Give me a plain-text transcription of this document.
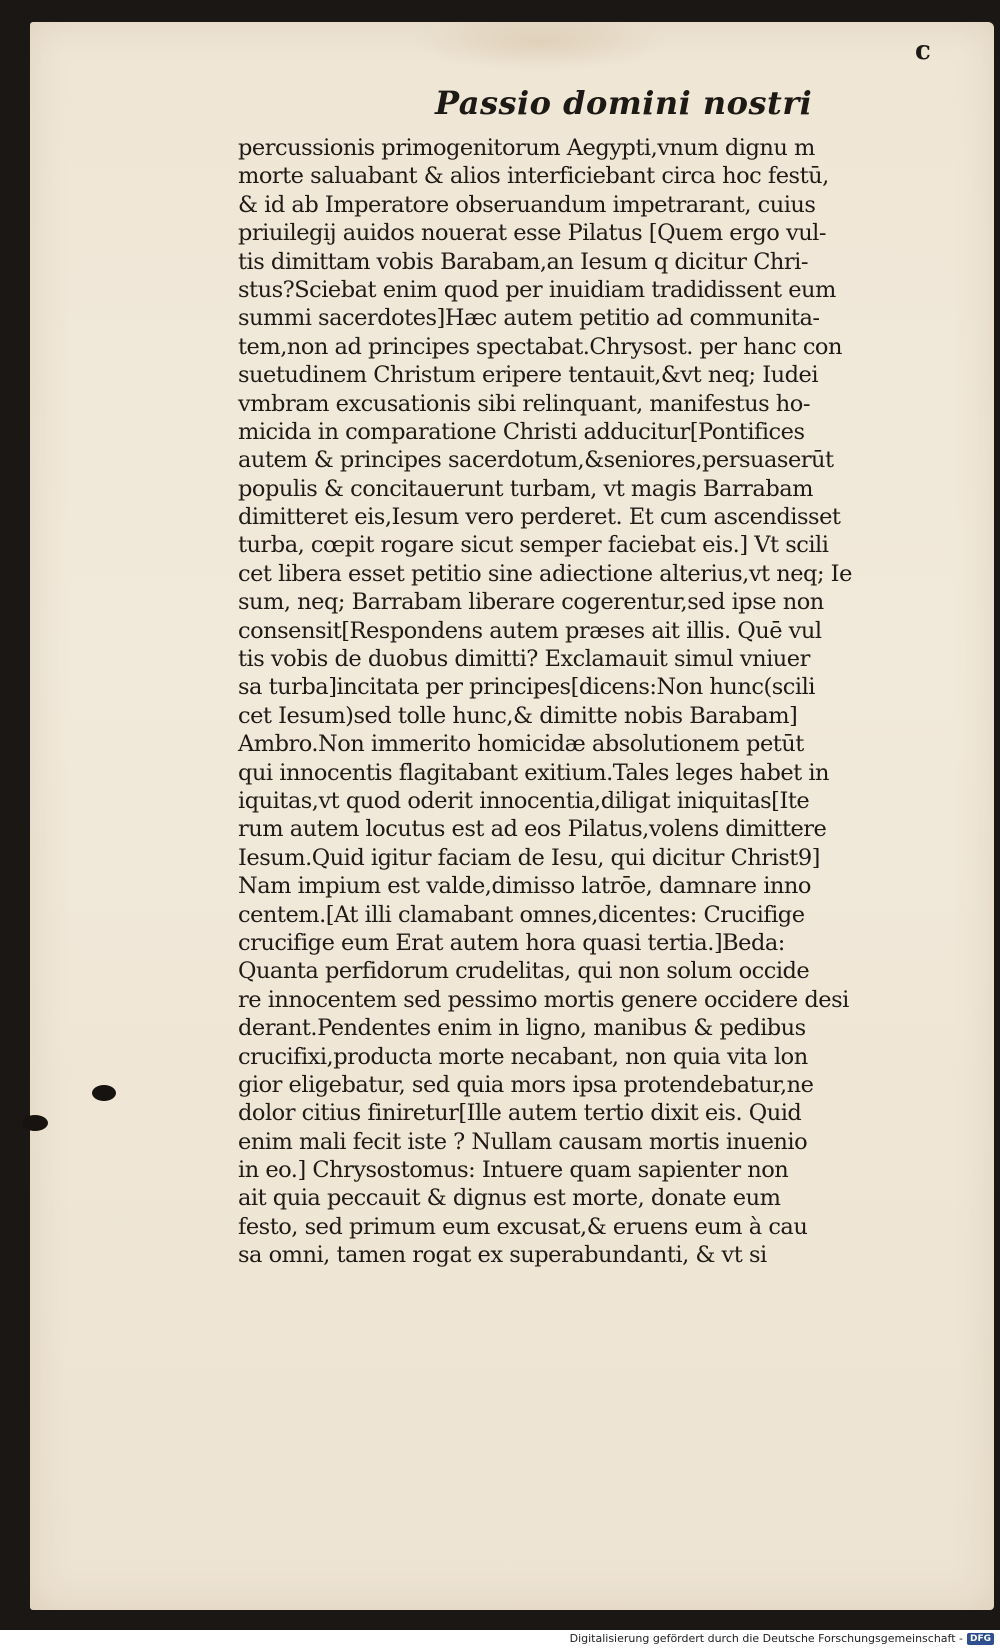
c
Passio domini nostri
percussionis primogenitorum Aegypti,vnum dignu m
morte saluabant & alios interficiebant circa hoc festū,
& id ab Imperatore obseruandum impetrarant, cuius
priuilegij auidos nouerat esse Pilatus [Quem ergo vul-
tis dimittam vobis Barabam,an Iesum q dicitur Chri-
stus?Sciebat enim quod per inuidiam tradidissent eum
summi sacerdotes]Hæc autem petitio ad communita-
tem,non ad principes spectabat.Chrysost. per hanc con
suetudinem Christum eripere tentauit,&vt neq; Iudei
vmbram excusationis sibi relinquant, manifestus ho-
micida in comparatione Christi adducitur[Pontifices
autem & principes sacerdotum,&seniores,persuaserūt
populis & concitauerunt turbam, vt magis Barrabam
dimitteret eis,Iesum vero perderet. Et cum ascendisset
turba, cœpit rogare sicut semper faciebat eis.] Vt scili
cet libera esset petitio sine adiectione alterius,vt neq; Ie
sum, neq; Barrabam liberare cogerentur,sed ipse non
consensit[Respondens autem præses ait illis. Quē vul
tis vobis de duobus dimitti? Exclamauit simul vniuer
sa turba]incitata per principes[dicens:Non hunc(scili
cet Iesum)sed tolle hunc,& dimitte nobis Barabam]
Ambro.Non immerito homicidæ absolutionem petūt
qui innocentis flagitabant exitium.Tales leges habet in
iquitas,vt quod oderit innocentia,diligat iniquitas[Ite
rum autem locutus est ad eos Pilatus,volens dimittere
Iesum.Quid igitur faciam de Iesu, qui dicitur Christ9]
Nam impium est valde,dimisso latrōe, damnare inno
centem.[At illi clamabant omnes,dicentes: Crucifige
crucifige eum Erat autem hora quasi tertia.]Beda:
Quanta perfidorum crudelitas, qui non solum occide
re innocentem sed pessimo mortis genere occidere desi
derant.Pendentes enim in ligno, manibus & pedibus
crucifixi,producta morte necabant, non quia vita lon
gior eligebatur, sed quia mors ipsa protendebatur,ne
dolor citius finiretur[Ille autem tertio dixit eis. Quid
enim mali fecit iste ? Nullam causam mortis inuenio
in eo.] Chrysostomus: Intuere quam sapienter non
ait quia peccauit & dignus est morte, donate eum
festo, sed primum eum excusat,& eruens eum à cau
sa omni, tamen rogat ex superabundanti, & vt si
Digitalisierung gefördert durch die Deutsche Forschungsgemeinschaft - DFG
